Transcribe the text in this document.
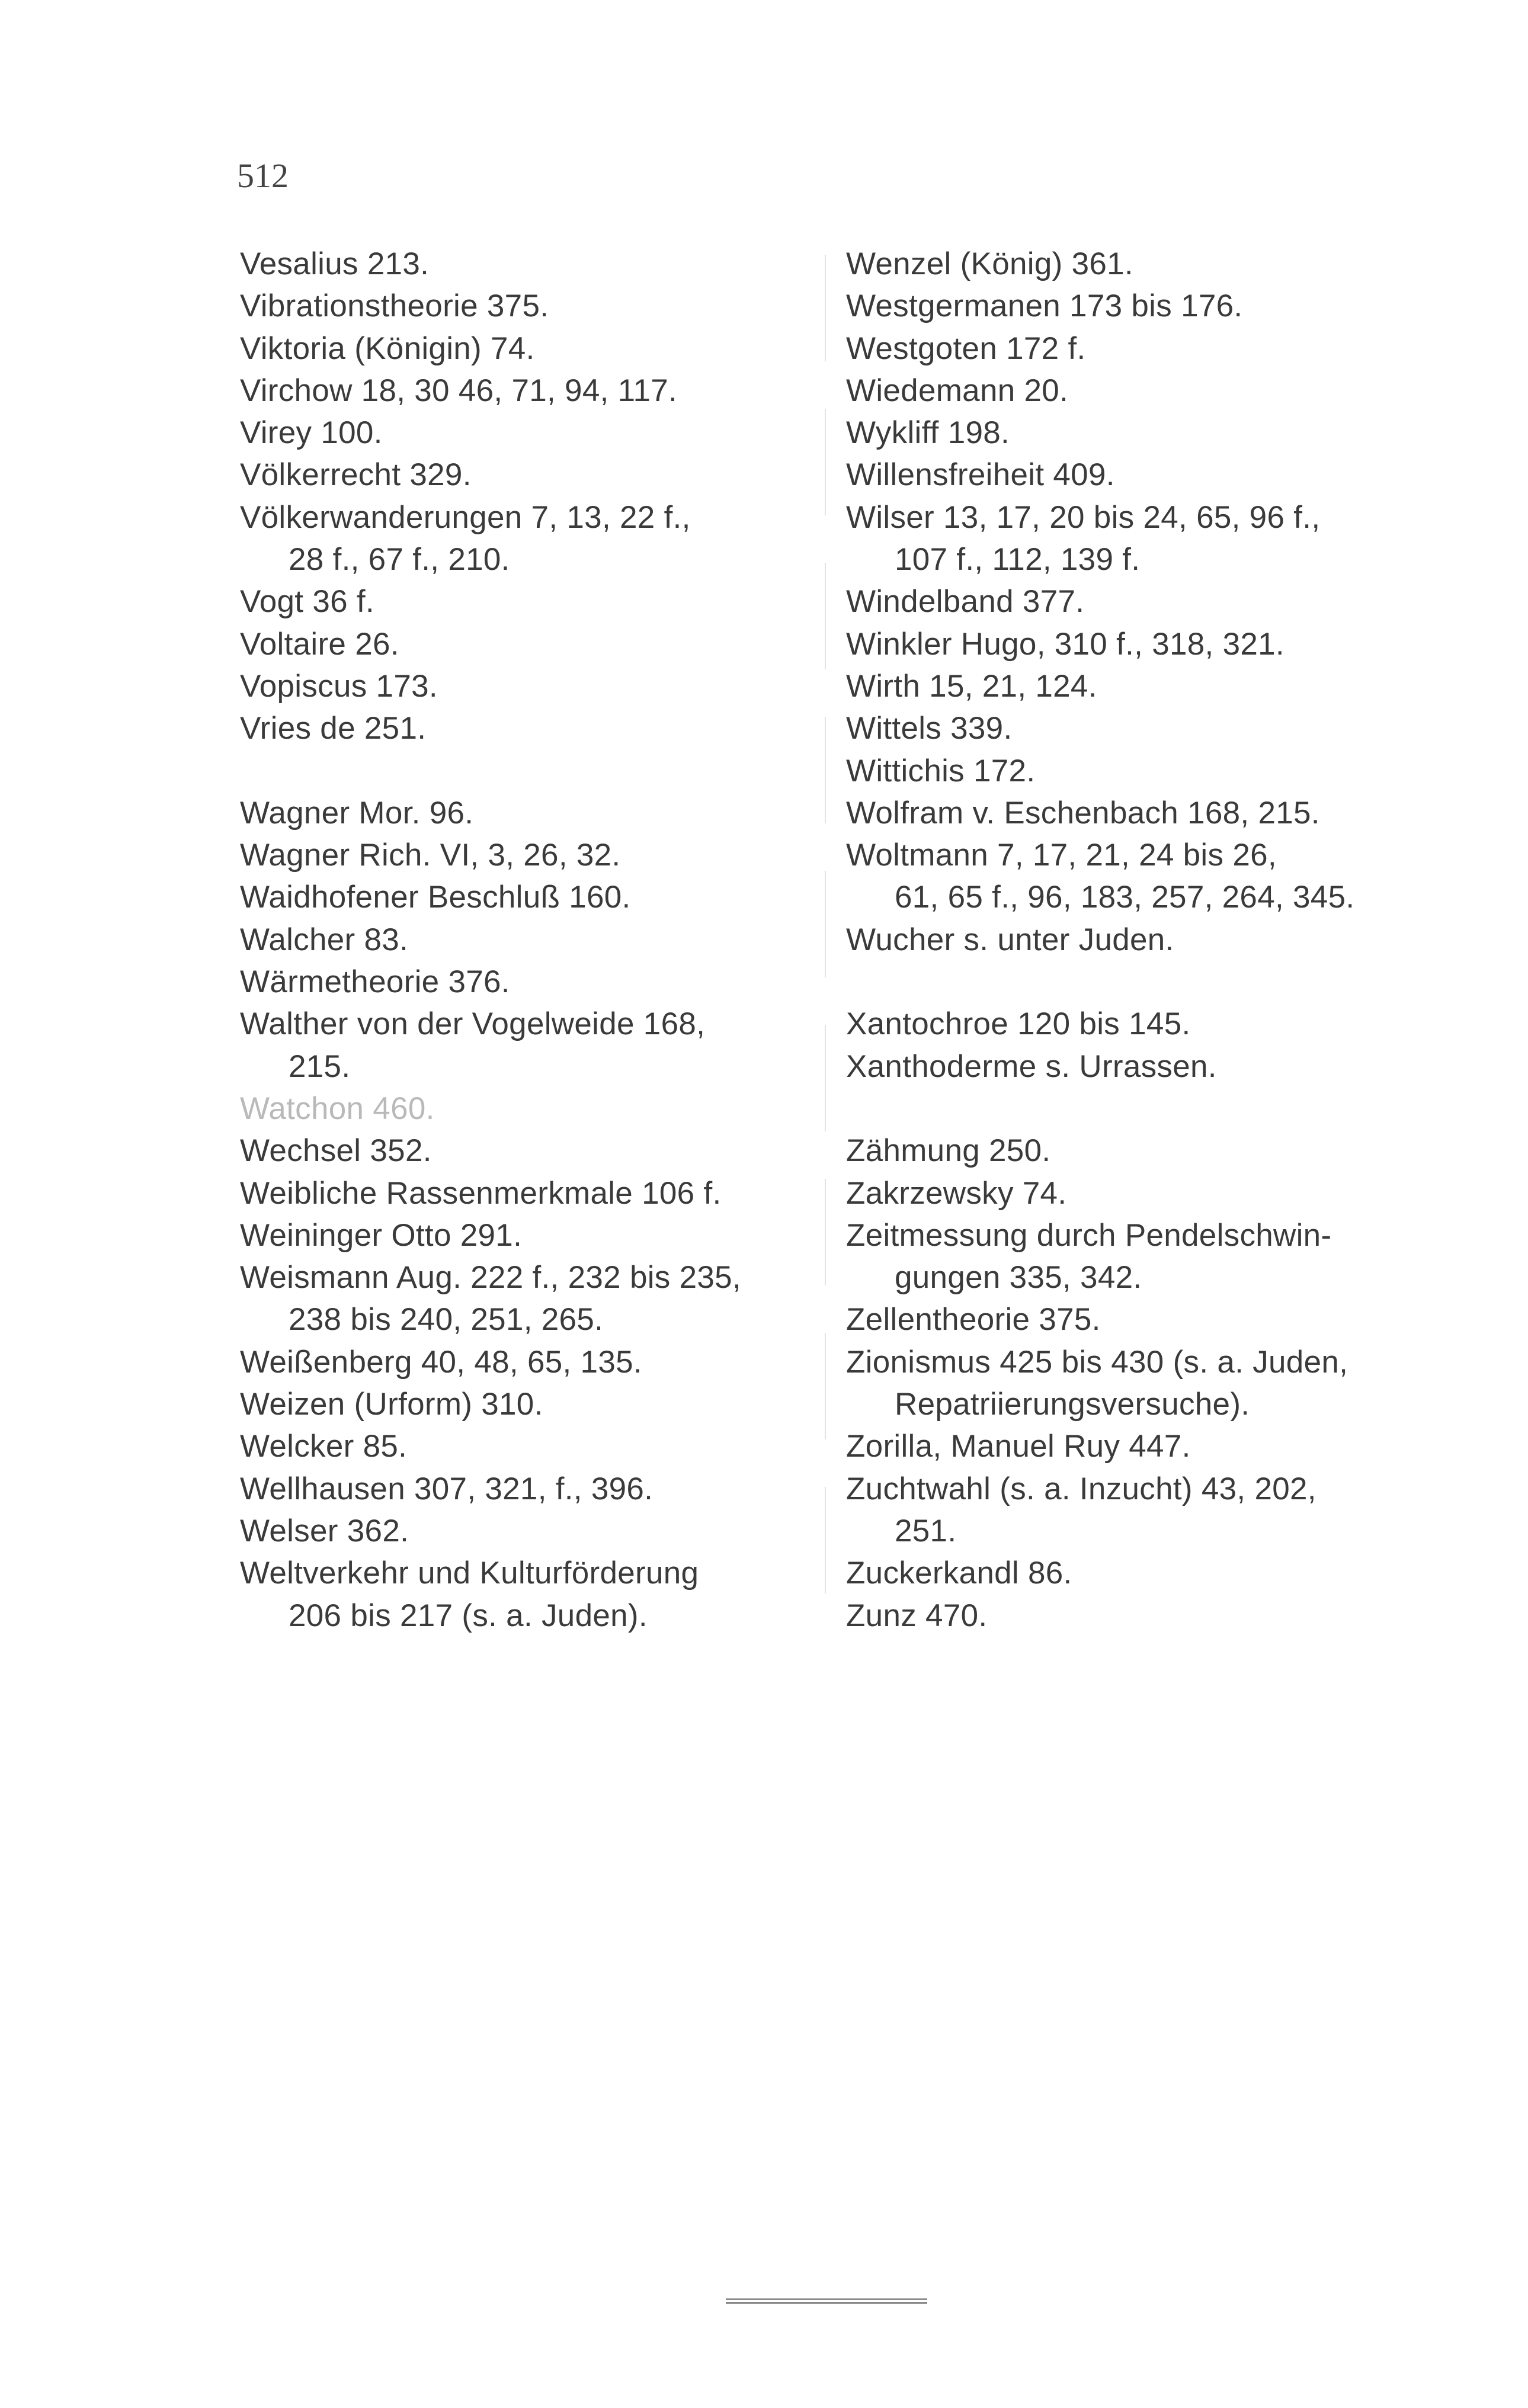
512
Vesalius 213.
Vibrationstheorie 375.
Viktoria (Königin) 74.
Virchow 18, 30 46, 71, 94, 117.
Virey 100.
Völkerrecht 329.
Völkerwanderungen 7, 13, 22 f.,
28 f., 67 f., 210.
Vogt 36 f.
Voltaire 26.
Vopiscus 173.
Vries de 251.
Wagner Mor. 96.
Wagner Rich. VI, 3, 26, 32.
Waidhofener Beschluß 160.
Walcher 83.
Wärmetheorie 376.
Walther von der Vogelweide 168,
215.
Watchon 460.
Wechsel 352.
Weibliche Rassenmerkmale 106 f.
Weininger Otto 291.
Weismann Aug. 222 f., 232 bis 235,
238 bis 240, 251, 265.
Weißenberg 40, 48, 65, 135.
Weizen (Urform) 310.
Welcker 85.
Wellhausen 307, 321, f., 396.
Welser 362.
Weltverkehr und Kulturförderung
206 bis 217 (s. a. Juden).
Wenzel (König) 361.
Westgermanen 173 bis 176.
Westgoten 172 f.
Wiedemann 20.
Wykliff 198.
Willensfreiheit 409.
Wilser 13, 17, 20 bis 24, 65, 96 f.,
107 f., 112, 139 f.
Windelband 377.
Winkler Hugo, 310 f., 318, 321.
Wirth 15, 21, 124.
Wittels 339.
Wittichis 172.
Wolfram v. Eschenbach 168, 215.
Woltmann 7, 17, 21, 24 bis 26,
61, 65 f., 96, 183, 257, 264, 345.
Wucher s. unter Juden.
Xantochroe 120 bis 145.
Xanthoderme s. Urrassen.
Zähmung 250.
Zakrzewsky 74.
Zeitmessung durch Pendelschwin-
gungen 335, 342.
Zellentheorie 375.
Zionismus 425 bis 430 (s. a. Juden,
Repatriierungsversuche).
Zorilla, Manuel Ruy 447.
Zuchtwahl (s. a. Inzucht) 43, 202,
251.
Zuckerkandl 86.
Zunz 470.
